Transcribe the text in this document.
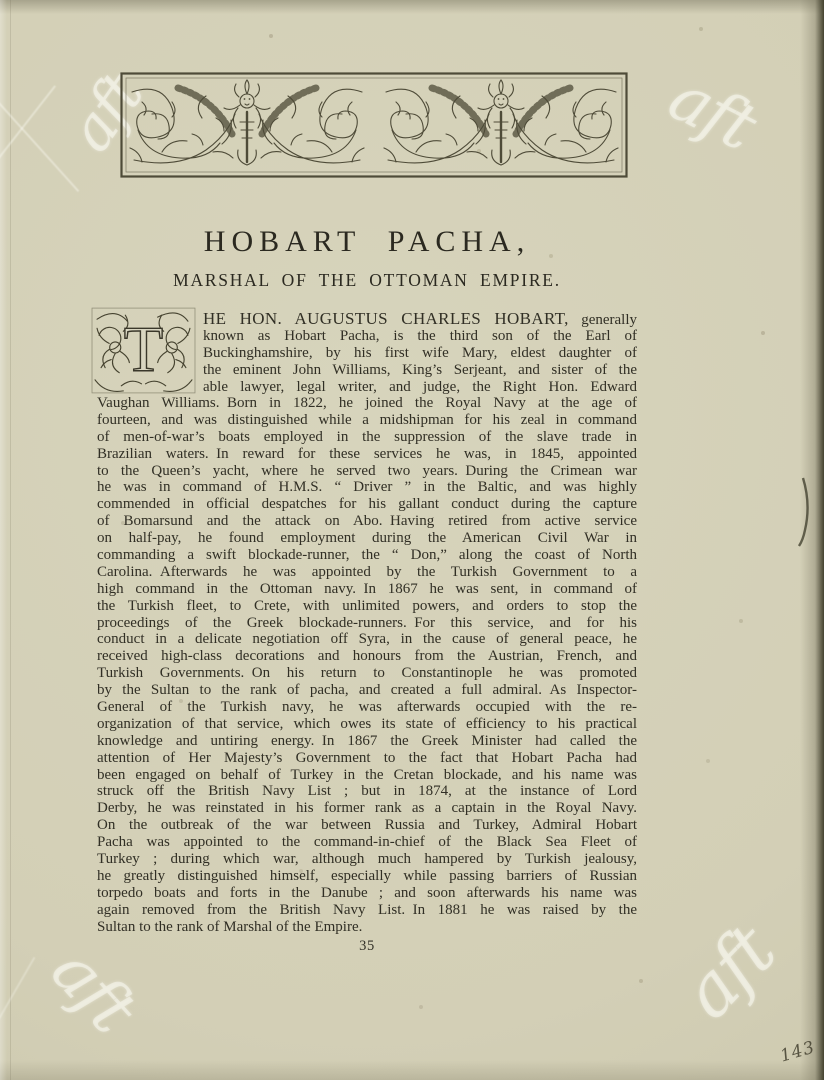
aft	aft
aft	aft
HOBART PACHA,
MARSHAL OF THE OTTOMAN EMPIRE.
T HE HON. AUGUSTUS CHARLES HOBART, generally
known as Hobart Pacha, is the third son of the Earl of
Buckinghamshire, by his first wife Mary, eldest daughter of
the eminent John Williams, King’s Serjeant, and sister of the
able lawyer, legal writer, and judge, the Right Hon. Edward
Vaughan Williams. Born in 1822, he joined the Royal Navy at the age of
fourteen, and was distinguished while a midshipman for his zeal in command
of men-of-war’s boats employed in the suppression of the slave trade in
Brazilian waters. In reward for these services he was, in 1845, appointed
to the Queen’s yacht, where he served two years. During the Crimean war
he was in command of H.M.S. “ Driver ” in the Baltic, and was highly
commended in official despatches for his gallant conduct during the capture
of Bomarsund and the attack on Abo. Having retired from active service
on half-pay, he found employment during the American Civil War in
commanding a swift blockade-runner, the “ Don,” along the coast of North
Carolina. Afterwards he was appointed by the Turkish Government to a
high command in the Ottoman navy. In 1867 he was sent, in command of
the Turkish fleet, to Crete, with unlimited powers, and orders to stop the
proceedings of the Greek blockade-runners. For this service, and for his
conduct in a delicate negotiation off Syra, in the cause of general peace, he
received high-class decorations and honours from the Austrian, French, and
Turkish Governments. On his return to Constantinople he was promoted
by the Sultan to the rank of pacha, and created a full admiral. As Inspector-
General of the Turkish navy, he was afterwards occupied with the re-
organization of that service, which owes its state of efficiency to his practical
knowledge and untiring energy. In 1867 the Greek Minister had called the
attention of Her Majesty’s Government to the fact that Hobart Pacha had
been engaged on behalf of Turkey in the Cretan blockade, and his name was
struck off the British Navy List ; but in 1874, at the instance of Lord
Derby, he was reinstated in his former rank as a captain in the Royal Navy.
On the outbreak of the war between Russia and Turkey, Admiral Hobart
Pacha was appointed to the command-in-chief of the Black Sea Fleet of
Turkey ; during which war, although much hampered by Turkish jealousy,
he greatly distinguished himself, especially while passing barriers of Russian
torpedo boats and forts in the Danube ; and soon afterwards his name was
again removed from the British Navy List. In 1881 he was raised by the
Sultan to the rank of Marshal of the Empire.
35
143
